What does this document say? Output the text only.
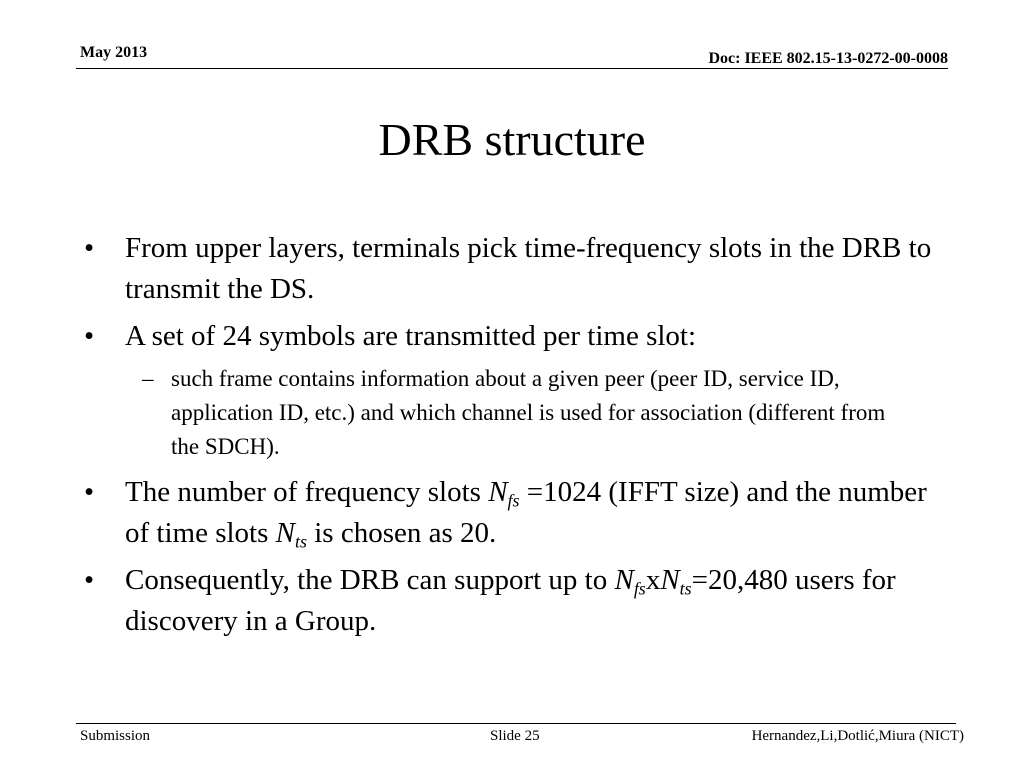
May 2013	Doc: IEEE 802.15-13-0272-00-0008
DRB structure
• From upper layers, terminals pick time-frequency slots in the DRB to transmit the DS.
• A set of 24 symbols are transmitted per time slot:
– such frame contains information about a given peer (peer ID, service ID, application ID, etc.) and which channel is used for association (different from the SDCH).
• The number of frequency slots $N_{fs} =1024$ (IFFT size) and the number of time slots $N_{ts}$ is chosen as 20.
• Consequently, the DRB can support up to $N_{fs}xN_{ts}=20,480$ users for discovery in a Group.
Submission	Slide 25	Hernandez,Li,Dotlić,Miura (NICT)
